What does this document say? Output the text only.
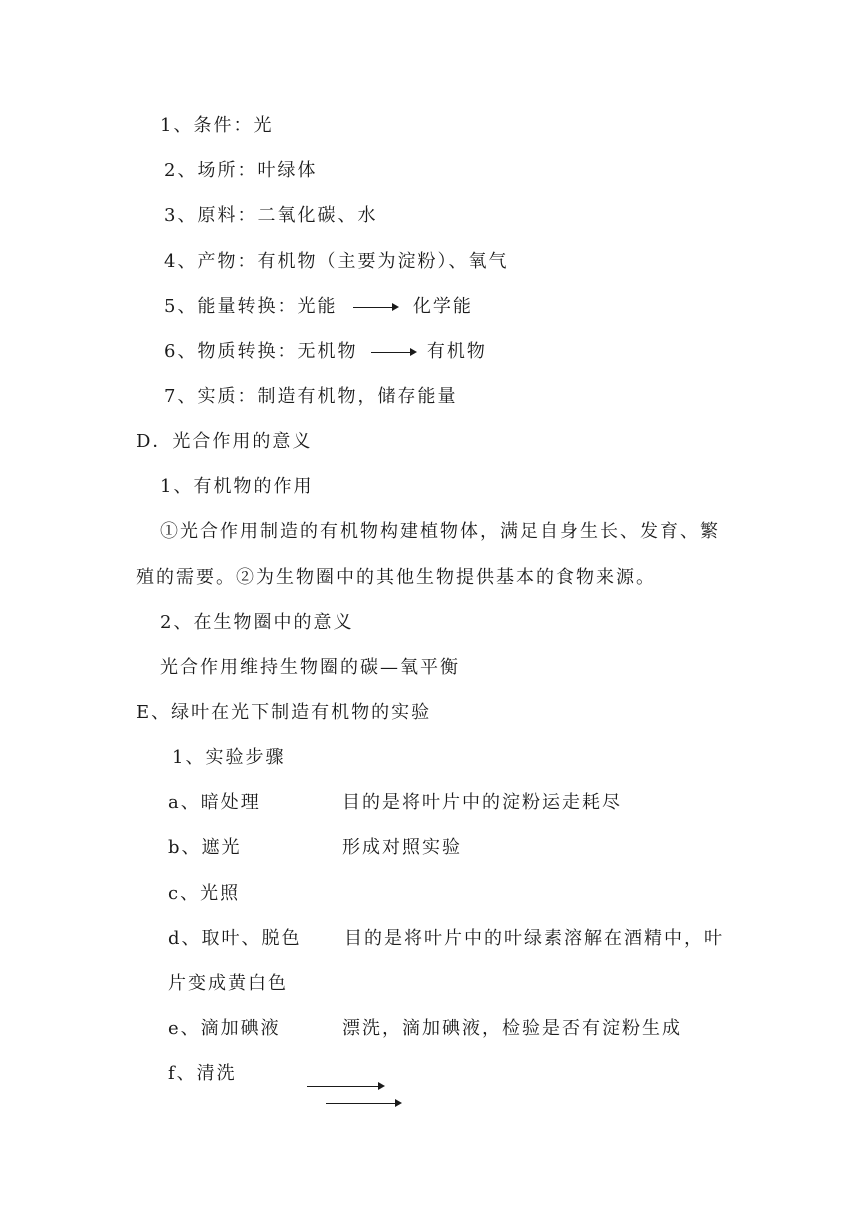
1、条件：光
2、场所：叶绿体
3、原料：二氧化碳、水
4、产物：有机物（主要为淀粉）、氧气
5、能量转换：光能	化学能
6、物质转换：无机物	有机物
7、实质：制造有机物，储存能量
D．光合作用的意义
1、有机物的作用
①光合作用制造的有机物构建植物体，满足自身生长、发育、繁
殖的需要。②为生物圈中的其他生物提供基本的食物来源。
2、在生物圈中的意义
光合作用维持生物圈的碳—氧平衡
E、绿叶在光下制造有机物的实验
1、实验步骤
a、暗处理	目的是将叶片中的淀粉运走耗尽
b、遮光	形成对照实验
c、光照
d、取叶、脱色 目的是将叶片中的叶绿素溶解在酒精中，叶
片变成黄白色
e、滴加碘液	漂洗，滴加碘液，检验是否有淀粉生成
f、清洗
